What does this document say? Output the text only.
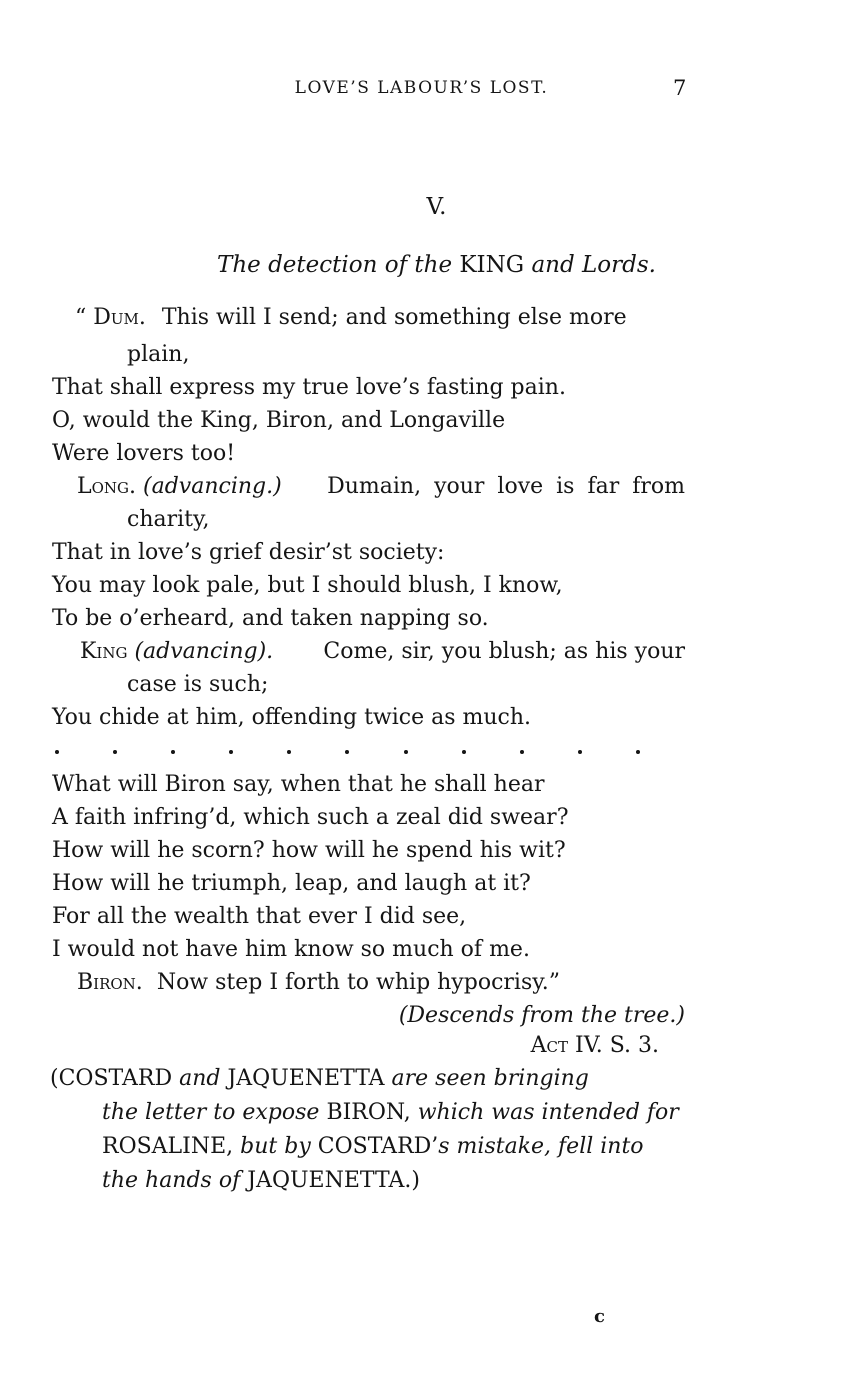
LOVE’S LABOUR’S LOST.	7
V.
The detection of the KING and Lords.
“ Dum. This will I send; and something else more
plain,
That shall express my true love’s fasting pain.
O, would the King, Biron, and Longaville
Were lovers too!
Long. (advancing.) Dumain, your love is far from
charity,
That in love’s grief desir’st society:
You may look pale, but I should blush, I know,
To be o’erheard, and taken napping so.
King (advancing). Come, sir, you blush; as his your
case is such;
You chide at him, offending twice as much.
What will Biron say, when that he shall hear
A faith infring’d, which such a zeal did swear?
How will he scorn? how will he spend his wit?
How will he triumph, leap, and laugh at it?
For all the wealth that ever I did see,
I would not have him know so much of me.
Biron. Now step I forth to whip hypocrisy.”
(Descends from the tree.)
Act IV. S. 3.
(COSTARD and JAQUENETTA are seen bringing
the letter to expose BIRON, which was intended for
ROSALINE, but by COSTARD’s mistake, fell into
the hands of JAQUENETTA.)
c
